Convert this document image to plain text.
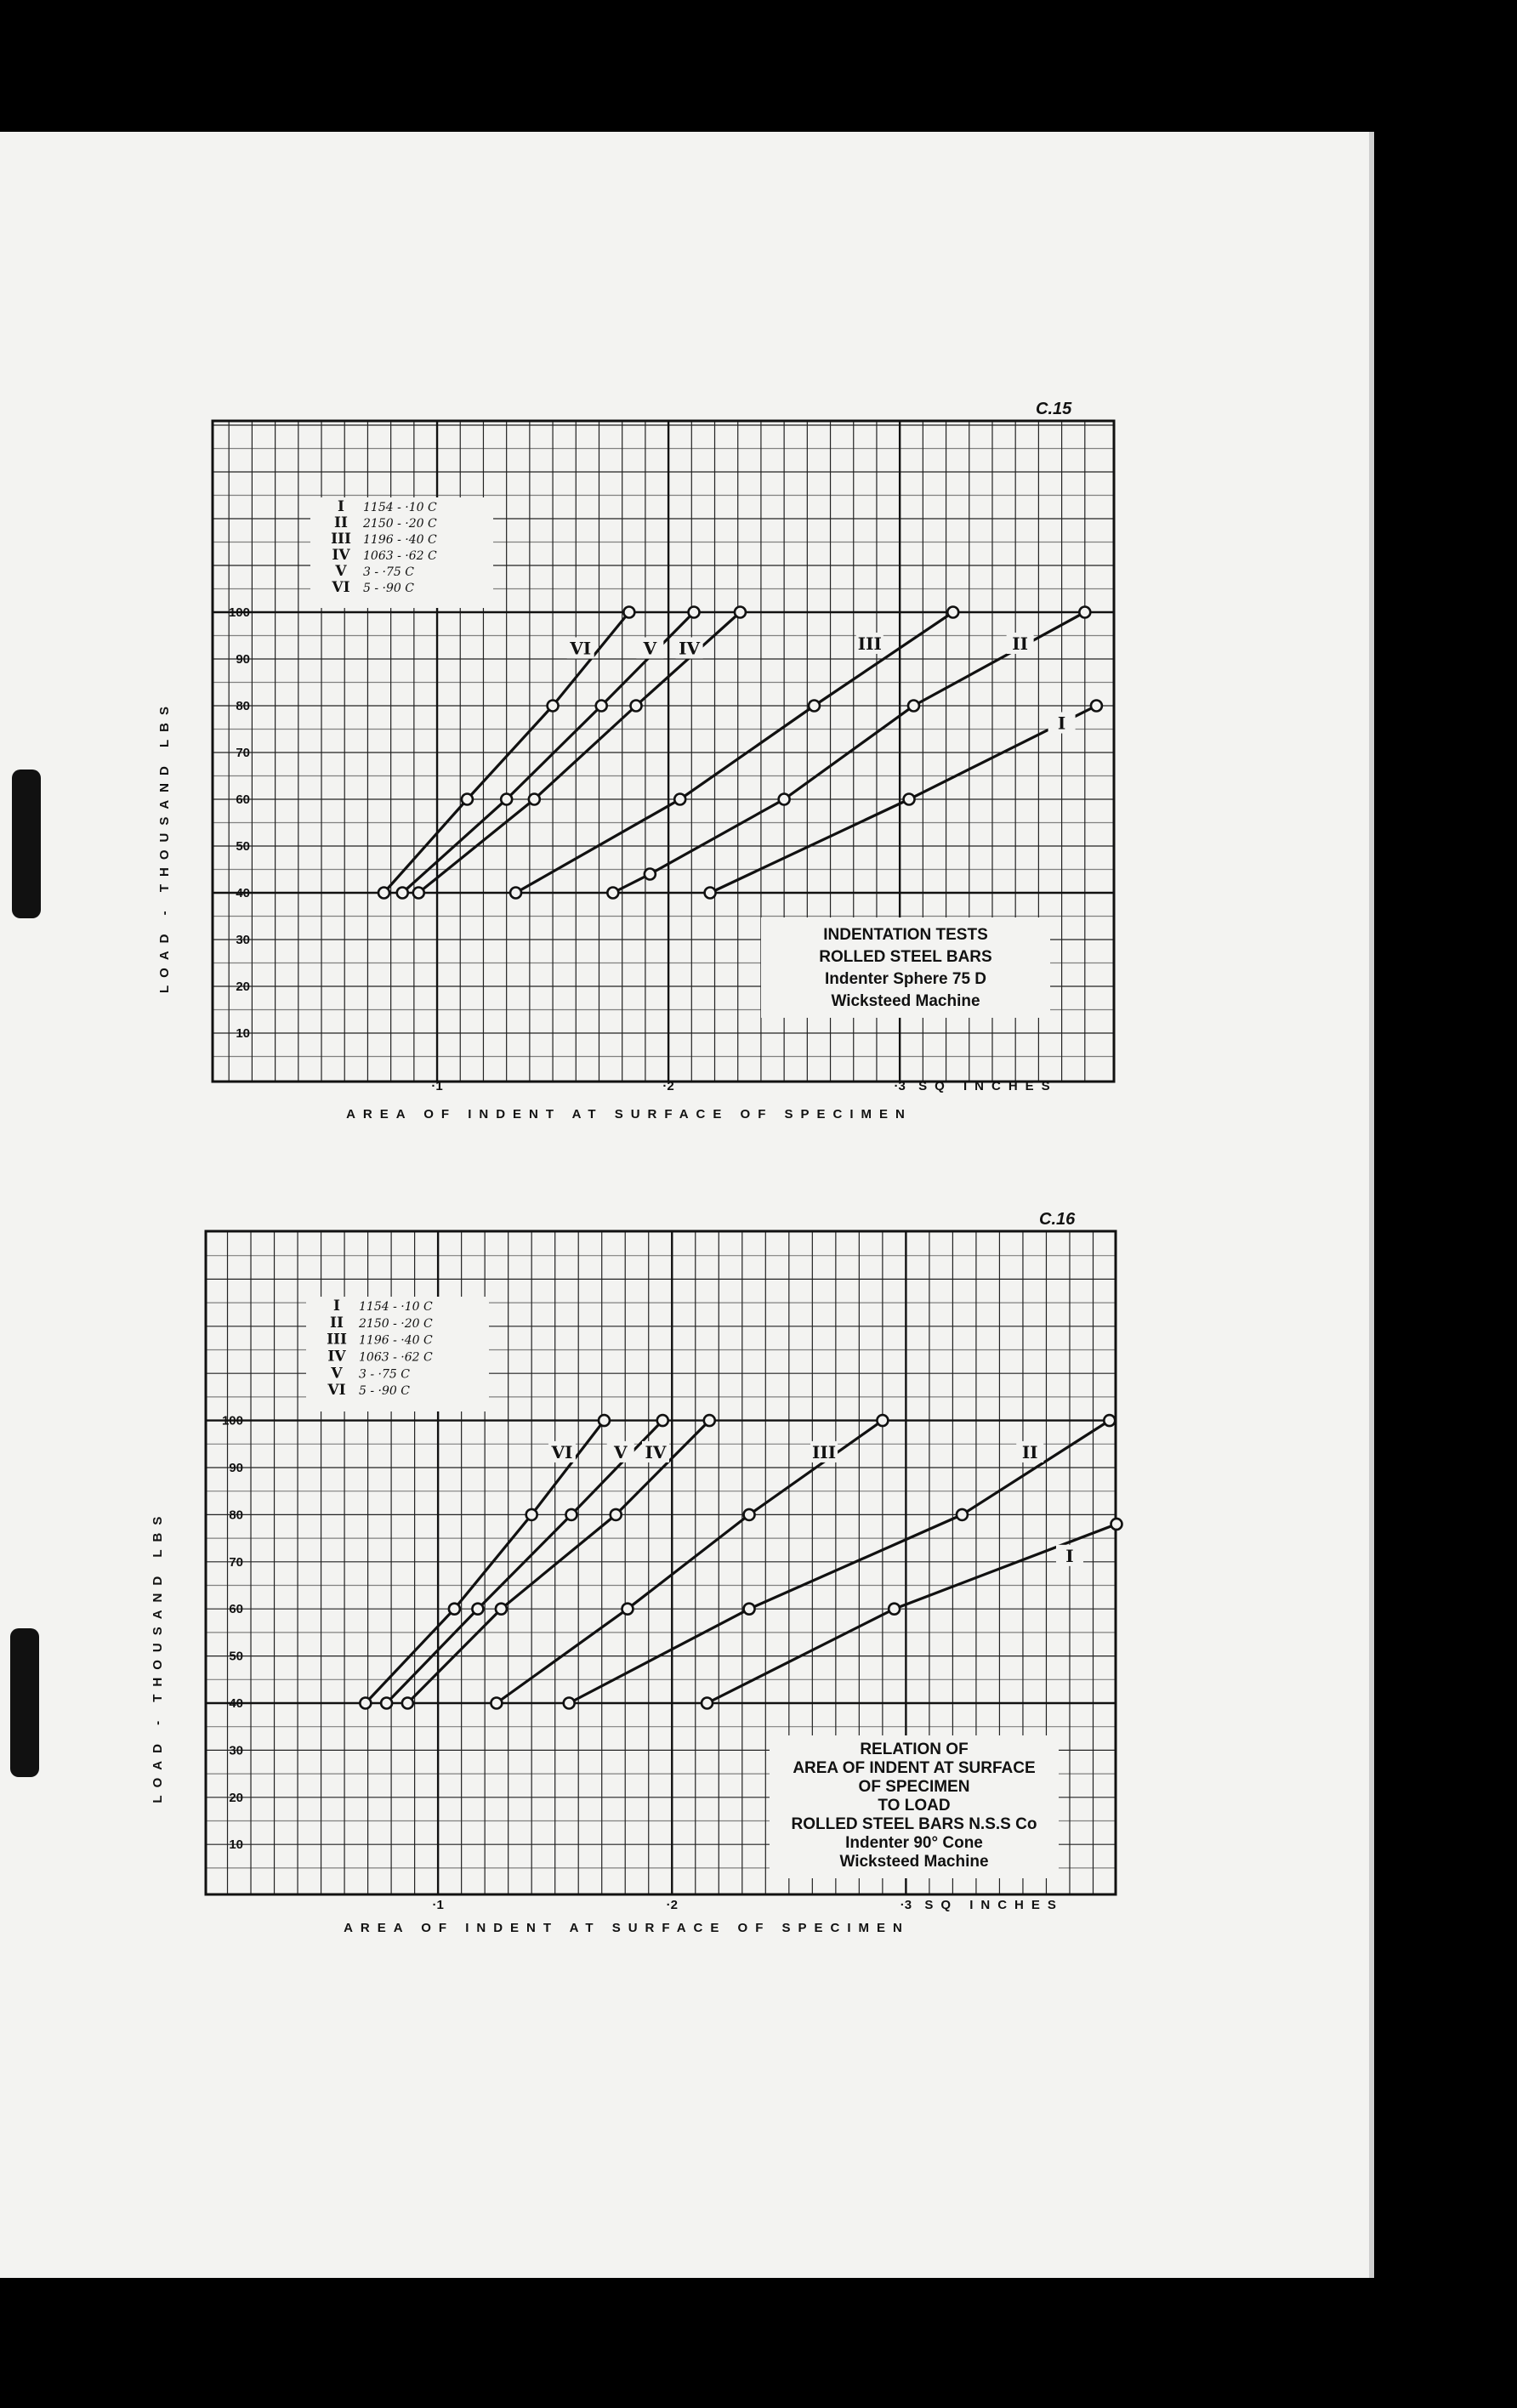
C.15
10
20
30
40
50
60
70
80
90
100
·1	·2	·3 SQ INCHES
AREA OF INDENT AT SURFACE OF SPECIMEN
LOAD - THOUSAND LBS
I 1154 - ·10 C
II 2150 - ·20 C
III 1196 - ·40 C
IV 1063 - ·62 C
V 3 - ·75 C
VI 5 - ·90 C
INDENTATION TESTS
ROLLED STEEL BARS
Indenter Sphere 75 D
Wicksteed Machine
VI	V IV	III	II
I
C.16
10
20
30
40
50
60
70
80
90
100
·1	·2	·3 SQ INCHES
AREA OF INDENT AT SURFACE OF SPECIMEN
LOAD - THOUSAND LBS
I 1154 - ·10 C
II 2150 - ·20 C
III 1196 - ·40 C
IV 1063 - ·62 C
V 3 - ·75 C
VI 5 - ·90 C
RELATION OF
AREA OF INDENT AT SURFACE
OF SPECIMEN
TO LOAD
ROLLED STEEL BARS N.S.S Co
Indenter 90° Cone
Wicksteed Machine
VI V IV	III	II
I
